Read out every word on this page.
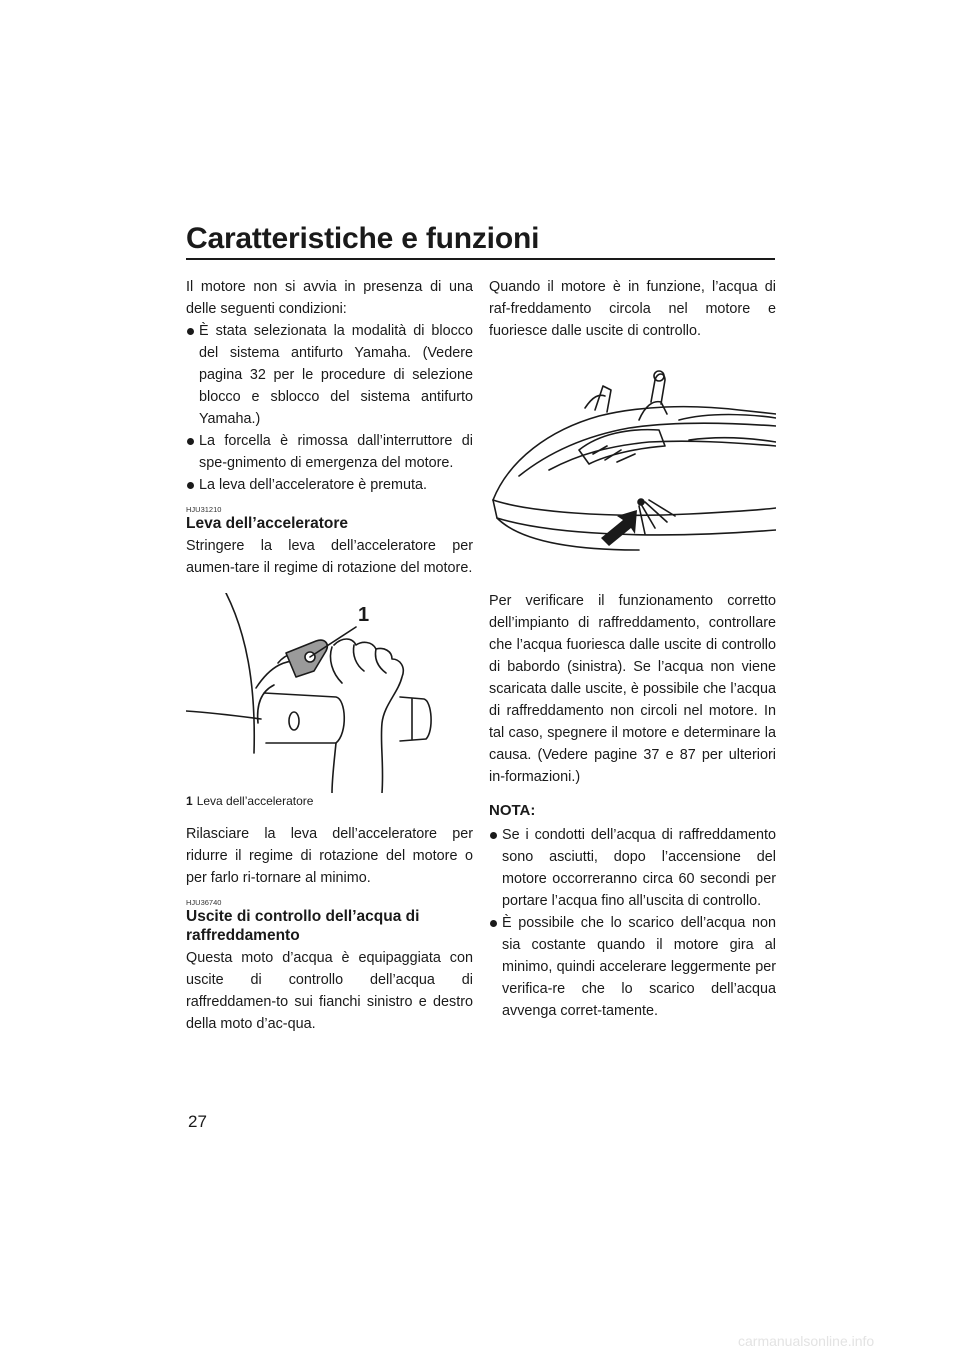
Caratteristiche e funzioni

Il motore non si avvia in presenza di una delle seguenti condizioni:

È stata selezionata la modalità di blocco del sistema antifurto Yamaha. (Vedere pagina 32 per le procedure di selezione blocco e sblocco del sistema antifurto Yamaha.)
La forcella è rimossa dall’interruttore di spe-gnimento di emergenza del motore.
La leva dell’acceleratore è premuta.
HJU31210
Leva dell’acceleratore

Stringere la leva dell’acceleratore per aumen-tare il regime di rotazione del motore.

1

1 Leva dell’acceleratore

Rilasciare la leva dell’acceleratore per ridurre il regime di rotazione del motore o per farlo ri-tornare al minimo.

HJU36740
Uscite di controllo dell’acqua di raffreddamento

Questa moto d’acqua è equipaggiata con uscite di controllo dell’acqua di raffreddamen-to sui fianchi sinistro e destro della moto d’ac-qua.

Quando il motore è in funzione, l’acqua di raf-freddamento circola nel motore e fuoriesce dalle uscite di controllo.

Per verificare il funzionamento corretto dell’impianto di raffreddamento, controllare che l’acqua fuoriesca dalle uscite di controllo di babordo (sinistra). Se l’acqua non viene scaricata dalle uscite, è possibile che l’acqua di raffreddamento non circoli nel motore. In tal caso, spegnere il motore e determinare la causa. (Vedere pagine 37 e 87 per ulteriori in-formazioni.)

NOTA:
Se i condotti dell’acqua di raffreddamento sono asciutti, dopo l’accensione del motore occorreranno circa 60 secondi per portare l’acqua fino all’uscita di controllo.
È possibile che lo scarico dell’acqua non sia costante quando il motore gira al minimo, quindi accelerare leggermente per verifica-re che lo scarico dell’acqua avvenga corret-tamente.
27
carmanualsonline.info
